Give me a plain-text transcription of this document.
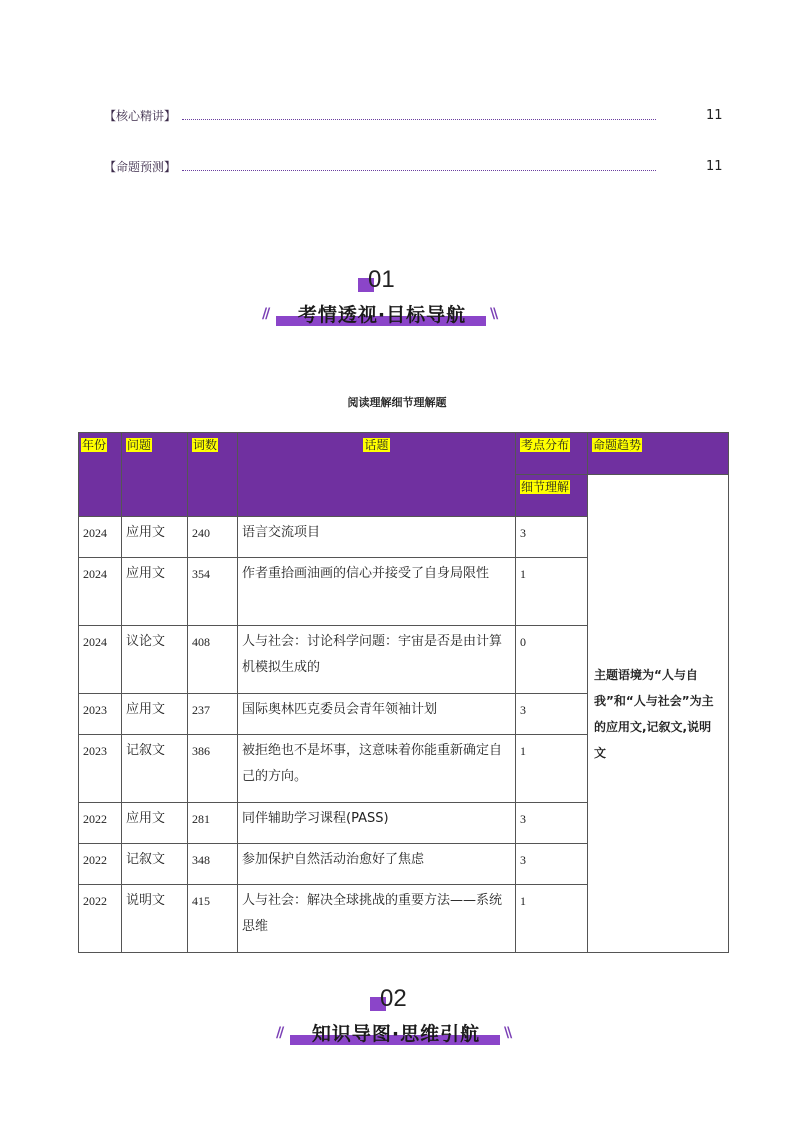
【核心精讲】	11
【命题预测】	11
01
//	考情透视·目标导航	\\
阅读理解细节理解题
年份	问题	词数	话题	考点分布	命题趋势
				细节理解	主题语境为“人与自我”和“人与社会”为主的应用文,记叙文,说明文
2024	应用文	240	语言交流项目	3	
2024	应用文	354	作者重拾画油画的信心并接受了自身局限性	1	
2024	议论文	408	人与社会：讨论科学问题：宇宙是否是由计算机模拟生成的	0	
2023	应用文	237	国际奥林匹克委员会青年领袖计划	3	
2023	记叙文	386	被拒绝也不是坏事，这意味着你能重新确定自己的方向。	1	
2022	应用文	281	同伴辅助学习课程(PASS)	3	
2022	记叙文	348	参加保护自然活动治愈好了焦虑	3	
2022	说明文	415	人与社会：解决全球挑战的重要方法——系统思维	1	
02
//	知识导图·思维引航	\\
